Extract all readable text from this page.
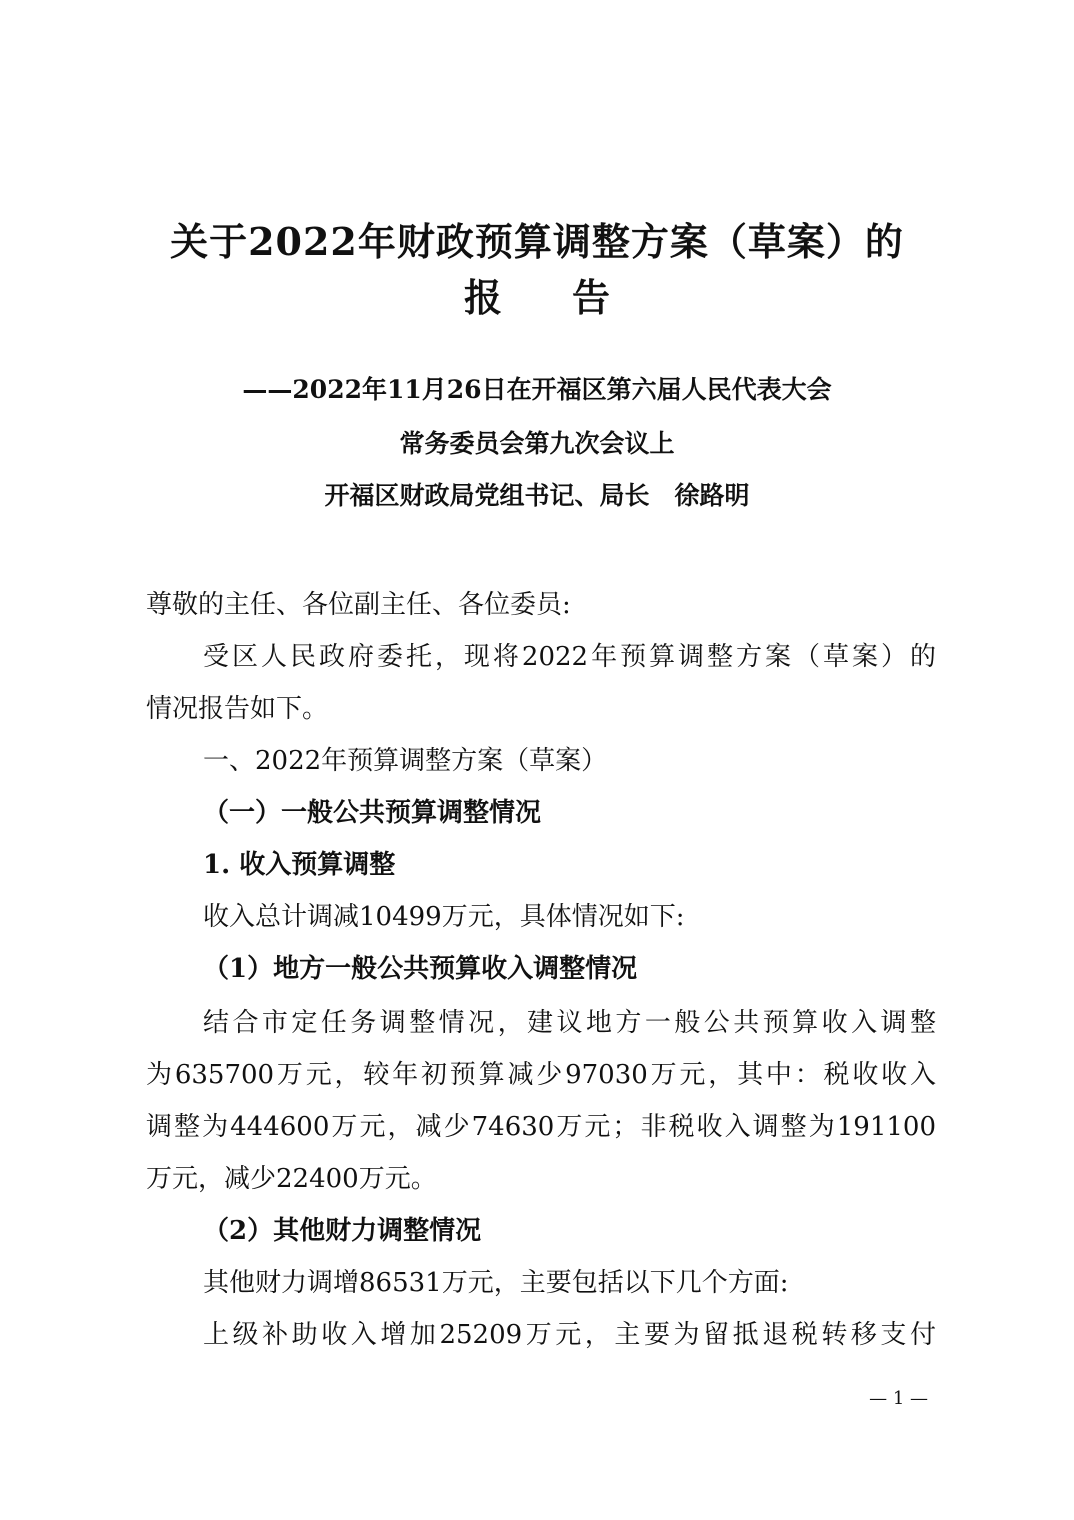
关于2022年财政预算调整方案（草案）的
报告
——2022年11月26日在开福区第六届人民代表大会
常务委员会第九次会议上
开福区财政局党组书记、局长　徐路明
尊敬的主任、各位副主任、各位委员:
受区人民政府委托，现将2022年预算调整方案（草案）的
情况报告如下。
一、2022年预算调整方案（草案）
（一）一般公共预算调整情况
1. 收入预算调整
收入总计调减10499万元，具体情况如下:
（1）地方一般公共预算收入调整情况
结合市定任务调整情况，建议地方一般公共预算收入调整
为635700万元，较年初预算减少97030万元，其中：税收收入
调整为444600万元，减少74630万元；非税收入调整为191100
万元，减少22400万元。
（2）其他财力调整情况
其他财力调增86531万元，主要包括以下几个方面:
上级补助收入增加25209万元，主要为留抵退税转移支付
— 1 —
